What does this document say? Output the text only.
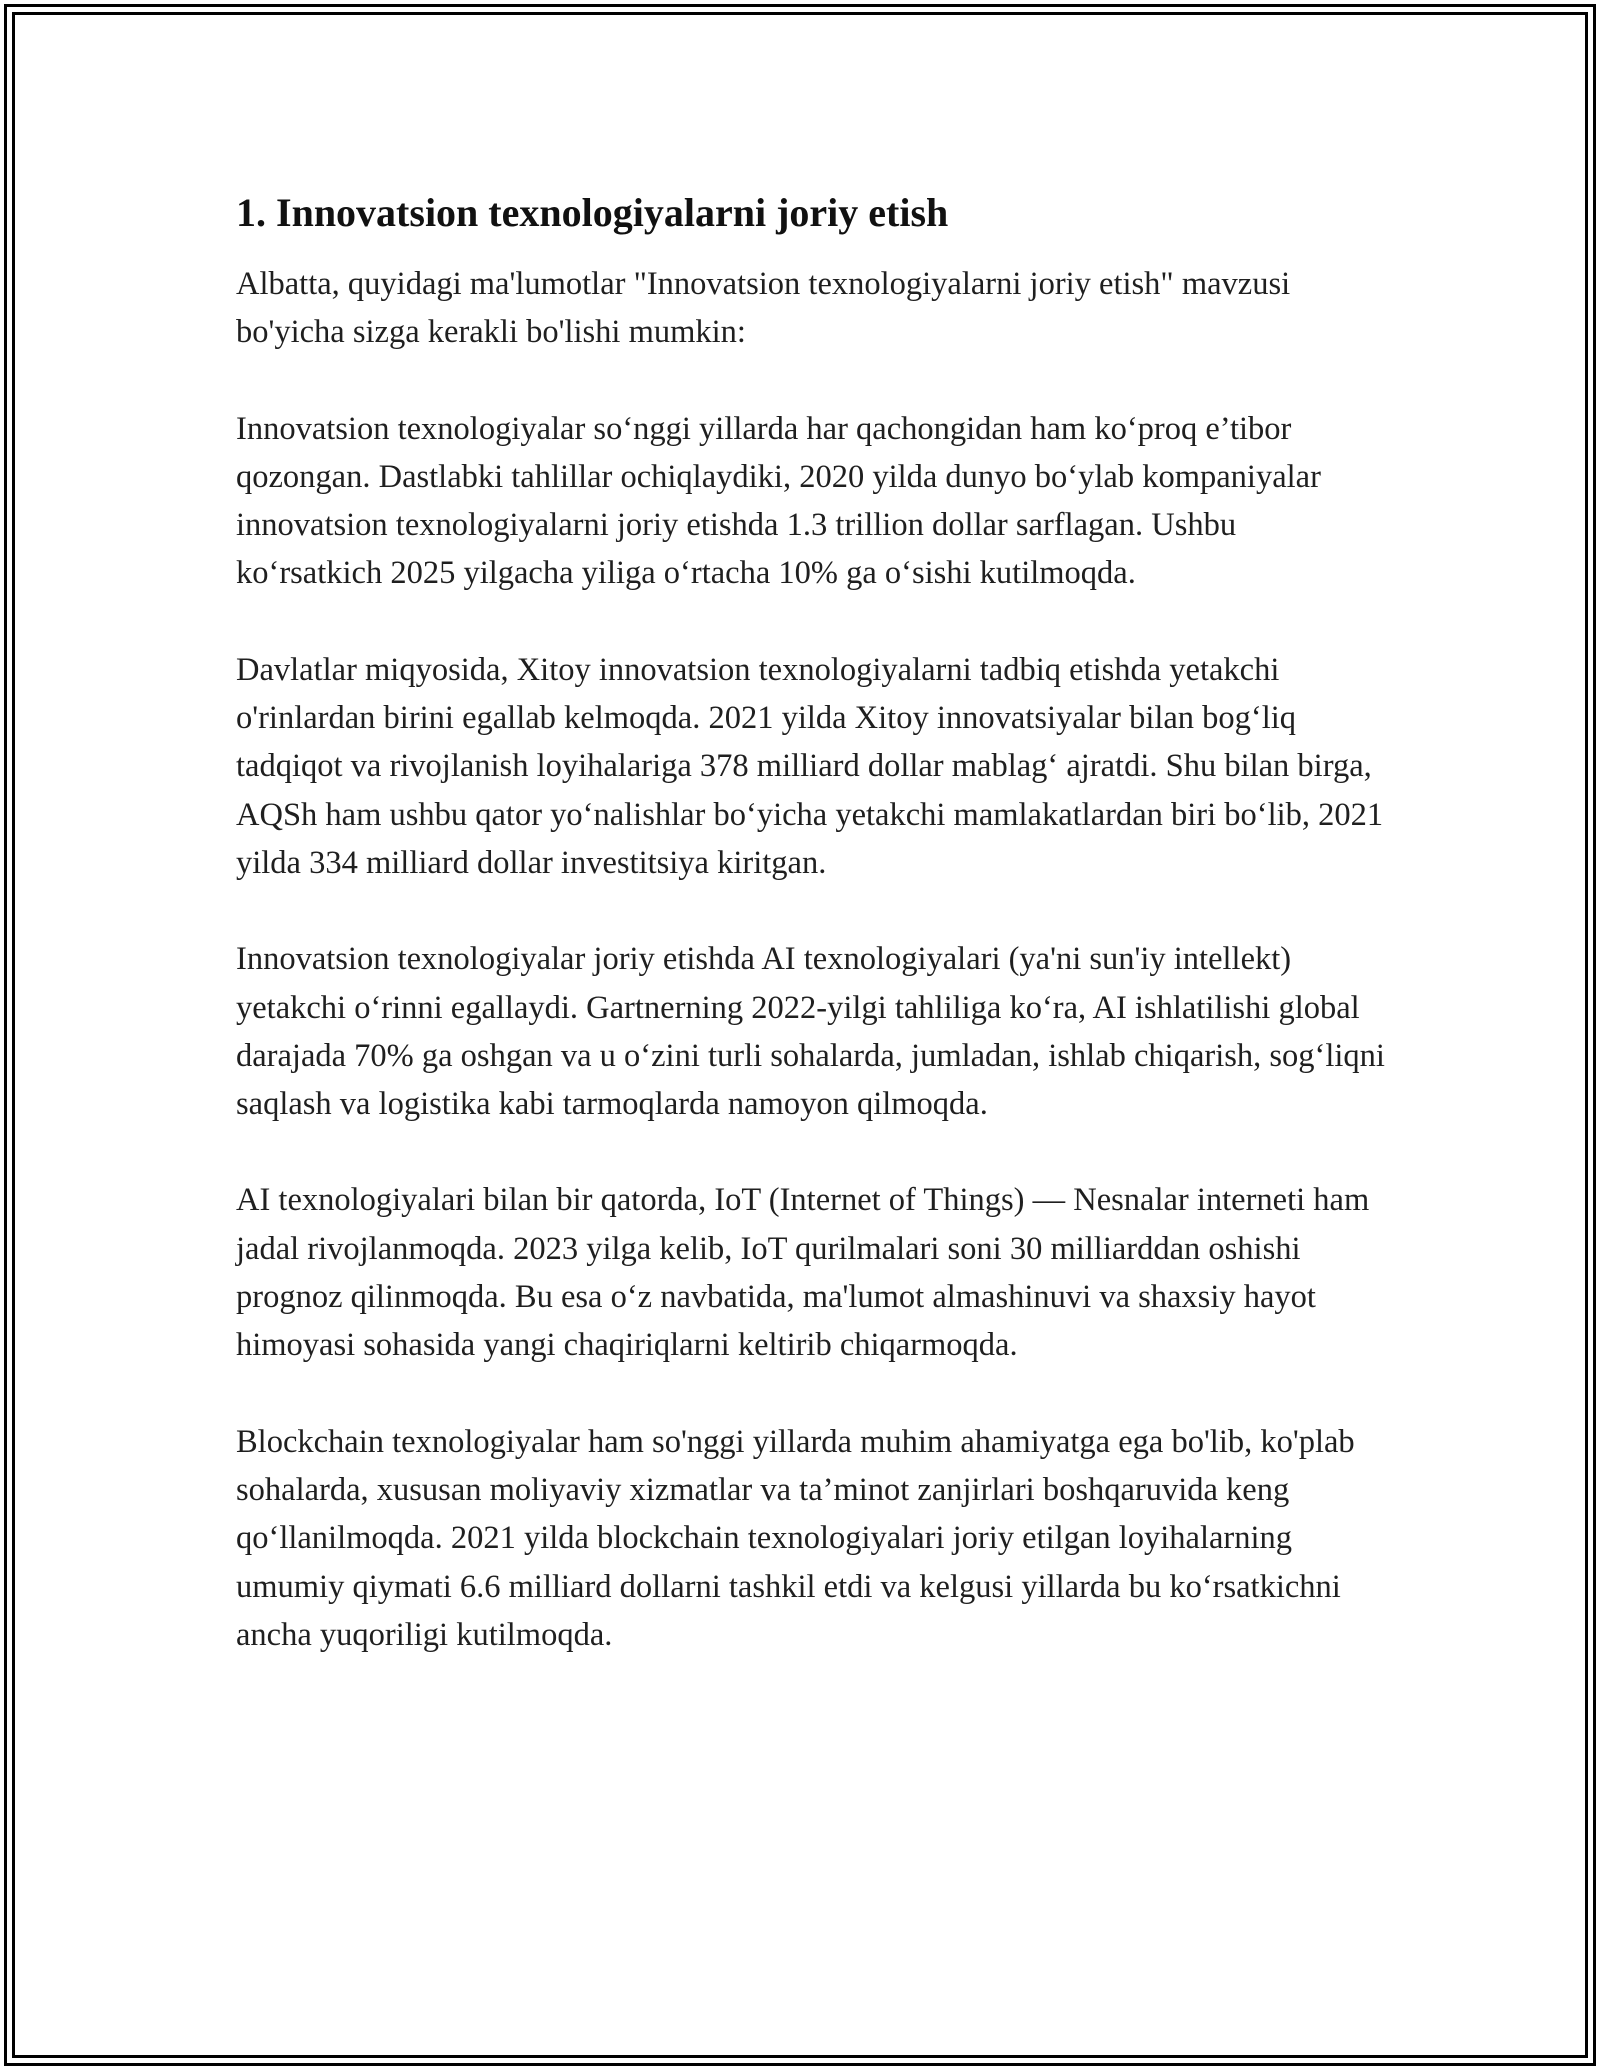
1. Innovatsion texnologiyalarni joriy etish

Albatta, quyidagi ma'lumotlar "Innovatsion texnologiyalarni joriy etish" mavzusi bo'yicha sizga kerakli bo'lishi mumkin:

Innovatsion texnologiyalar so‘nggi yillarda har qachongidan ham ko‘proq e’tibor qozongan. Dastlabki tahlillar ochiqlaydiki, 2020 yilda dunyo bo‘ylab kompaniyalar innovatsion texnologiyalarni joriy etishda 1.3 trillion dollar sarflagan. Ushbu ko‘rsatkich 2025 yilgacha yiliga o‘rtacha 10% ga o‘sishi kutilmoqda.

Davlatlar miqyosida, Xitoy innovatsion texnologiyalarni tadbiq etishda yetakchi o'rinlardan birini egallab kelmoqda. 2021 yilda Xitoy innovatsiyalar bilan bog‘liq tadqiqot va rivojlanish loyihalariga 378 milliard dollar mablag‘ ajratdi. Shu bilan birga, AQSh ham ushbu qator yo‘nalishlar bo‘yicha yetakchi mamlakatlardan biri bo‘lib, 2021 yilda 334 milliard dollar investitsiya kiritgan.

Innovatsion texnologiyalar joriy etishda AI texnologiyalari (ya'ni sun'iy intellekt) yetakchi o‘rinni egallaydi. Gartnerning 2022-yilgi tahliliga ko‘ra, AI ishlatilishi global darajada 70% ga oshgan va u o‘zini turli sohalarda, jumladan, ishlab chiqarish, sog‘liqni saqlash va logistika kabi tarmoqlarda namoyon qilmoqda.

AI texnologiyalari bilan bir qatorda, IoT (Internet of Things) — Nesnalar interneti ham jadal rivojlanmoqda. 2023 yilga kelib, IoT qurilmalari soni 30 milliarddan oshishi prognoz qilinmoqda. Bu esa o‘z navbatida, ma'lumot almashinuvi va shaxsiy hayot himoyasi sohasida yangi chaqiriqlarni keltirib chiqarmoqda.

Blockchain texnologiyalar ham so'nggi yillarda muhim ahamiyatga ega bo'lib, ko'plab sohalarda, xususan moliyaviy xizmatlar va ta’minot zanjirlari boshqaruvida keng qo‘llanilmoqda. 2021 yilda blockchain texnologiyalari joriy etilgan loyihalarning umumiy qiymati 6.6 milliard dollarni tashkil etdi va kelgusi yillarda bu ko‘rsatkichni ancha yuqoriligi kutilmoqda.
